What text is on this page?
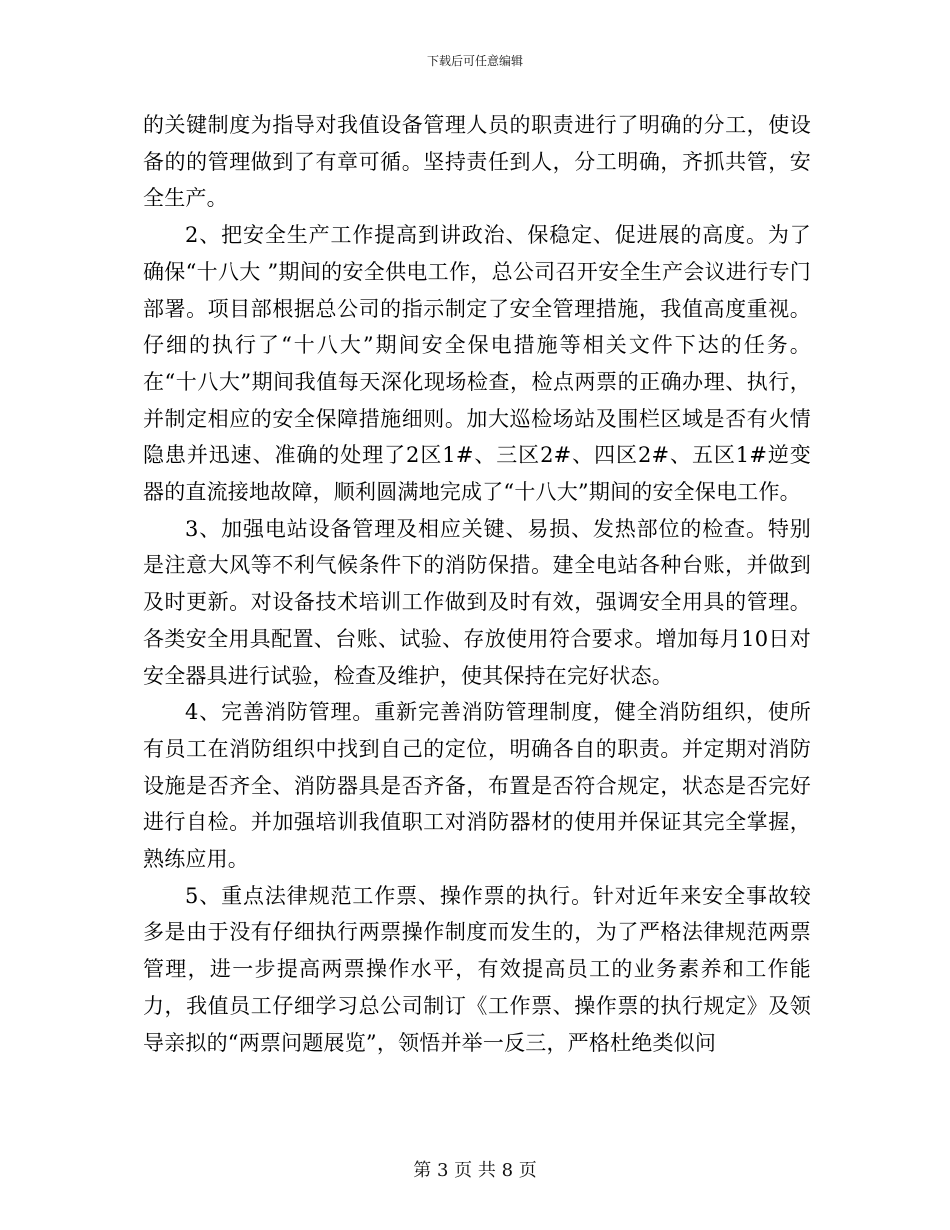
下载后可任意编辑

的关键制度为指导对我值设备管理人员的职责进行了明确的分工，使设备的的管理做到了有章可循。坚持责任到人，分工明确，齐抓共管，安全生产。

2、把安全生产工作提高到讲政治、保稳定、促进展的高度。为了确保“十八大 ”期间的安全供电工作，总公司召开安全生产会议进行专门部署。项目部根据总公司的指示制定了安全管理措施，我值高度重视。仔细的执行了“十八大”期间安全保电措施等相关文件下达的任务。在“十八大”期间我值每天深化现场检查，检点两票的正确办理、执行，并制定相应的安全保障措施细则。加大巡检场站及围栏区域是否有火情隐患并迅速、准确的处理了2区1#、三区2#、四区2#、五区1#逆变器的直流接地故障，顺利圆满地完成了“十八大”期间的安全保电工作。

3、加强电站设备管理及相应关键、易损、发热部位的检查。特别是注意大风等不利气候条件下的消防保措。建全电站各种台账，并做到及时更新。对设备技术培训工作做到及时有效，强调安全用具的管理。各类安全用具配置、台账、试验、存放使用符合要求。增加每月10日对安全器具进行试验，检查及维护，使其保持在完好状态。

4、完善消防管理。重新完善消防管理制度，健全消防组织，使所有员工在消防组织中找到自己的定位，明确各自的职责。并定期对消防设施是否齐全、消防器具是否齐备，布置是否符合规定，状态是否完好进行自检。并加强培训我值职工对消防器材的使用并保证其完全掌握，熟练应用。

5、重点法律规范工作票、操作票的执行。针对近年来安全事故较多是由于没有仔细执行两票操作制度而发生的，为了严格法律规范两票管理，进一步提高两票操作水平，有效提高员工的业务素养和工作能力，我值员工仔细学习总公司制订《工作票、操作票的执行规定》及领导亲拟的“两票问题展览”，领悟并举一反三，严格杜绝类似问

第 3 页 共 8 页
